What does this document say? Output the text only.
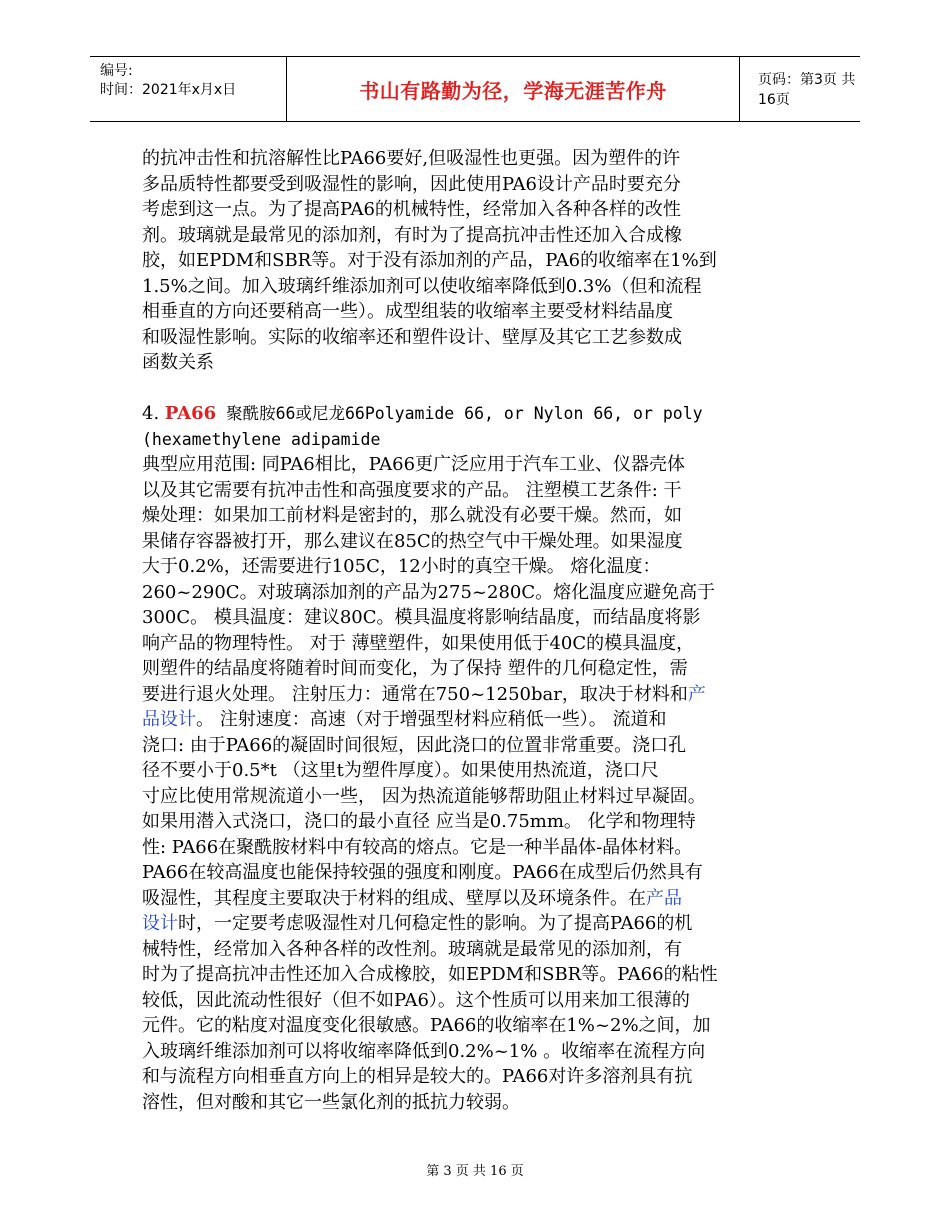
编号:
时间：2021年x月x日	书山有路勤为径，学海无涯苦作舟	页码：第3页 共16页
的抗冲击性和抗溶解性比PA66要好,但吸湿性也更强。因为塑件的许
多品质特性都要受到吸湿性的影响，因此使用PA6设计产品时要充分
考虑到这一点。为了提高PA6的机械特性，经常加入各种各样的改性
剂。玻璃就是最常见的添加剂，有时为了提高抗冲击性还加入合成橡
胶，如EPDM和SBR等。对于没有添加剂的产品，PA6的收缩率在1%到
1.5%之间。加入玻璃纤维添加剂可以使收缩率降低到0.3%（但和流程
相垂直的方向还要稍高一些）。成型组装的收缩率主要受材料结晶度
和吸湿性影响。实际的收缩率还和塑件设计、壁厚及其它工艺参数成
函数关系
4. PA66 聚酰胺66或尼龙66Polyamide 66, or Nylon 66, or poly
(hexamethylene adipamide
典型应用范围: 同PA6相比，PA66更广泛应用于汽车工业、仪器壳体
以及其它需要有抗冲击性和高强度要求的产品。 注塑模工艺条件: 干
燥处理：如果加工前材料是密封的，那么就没有必要干燥。然而，如
果储存容器被打开，那么建议在85C的热空气中干燥处理。如果湿度
大于0.2%，还需要进行105C，12小时的真空干燥。 熔化温度：
260~290C。对玻璃添加剂的产品为275~280C。熔化温度应避免高于
300C。 模具温度：建议80C。模具温度将影响结晶度，而结晶度将影
响产品的物理特性。 对于 薄壁塑件，如果使用低于40C的模具温度，
则塑件的结晶度将随着时间而变化，为了保持 塑件的几何稳定性，需
要进行退火处理。 注射压力：通常在750~1250bar，取决于材料和产
品设计。 注射速度：高速（对于增强型材料应稍低一些）。 流道和
浇口: 由于PA66的凝固时间很短，因此浇口的位置非常重要。浇口孔
径不要小于0.5*t （这里t为塑件厚度）。如果使用热流道，浇口尺
寸应比使用常规流道小一些， 因为热流道能够帮助阻止材料过早凝固。
如果用潜入式浇口，浇口的最小直径 应当是0.75mm。 化学和物理特
性: PA66在聚酰胺材料中有较高的熔点。它是一种半晶体-晶体材料。
PA66在较高温度也能保持较强的强度和刚度。PA66在成型后仍然具有
吸湿性，其程度主要取决于材料的组成、壁厚以及环境条件。在产品
设计时，一定要考虑吸湿性对几何稳定性的影响。为了提高PA66的机
械特性，经常加入各种各样的改性剂。玻璃就是最常见的添加剂，有
时为了提高抗冲击性还加入合成橡胶，如EPDM和SBR等。PA66的粘性
较低，因此流动性很好（但不如PA6）。这个性质可以用来加工很薄的
元件。它的粘度对温度变化很敏感。PA66的收缩率在1%~2%之间，加
入玻璃纤维添加剂可以将收缩率降低到0.2%~1% 。收缩率在流程方向
和与流程方向相垂直方向上的相异是较大的。PA66对许多溶剂具有抗
溶性，但对酸和其它一些氯化剂的抵抗力较弱。
第 3 页 共 16 页
